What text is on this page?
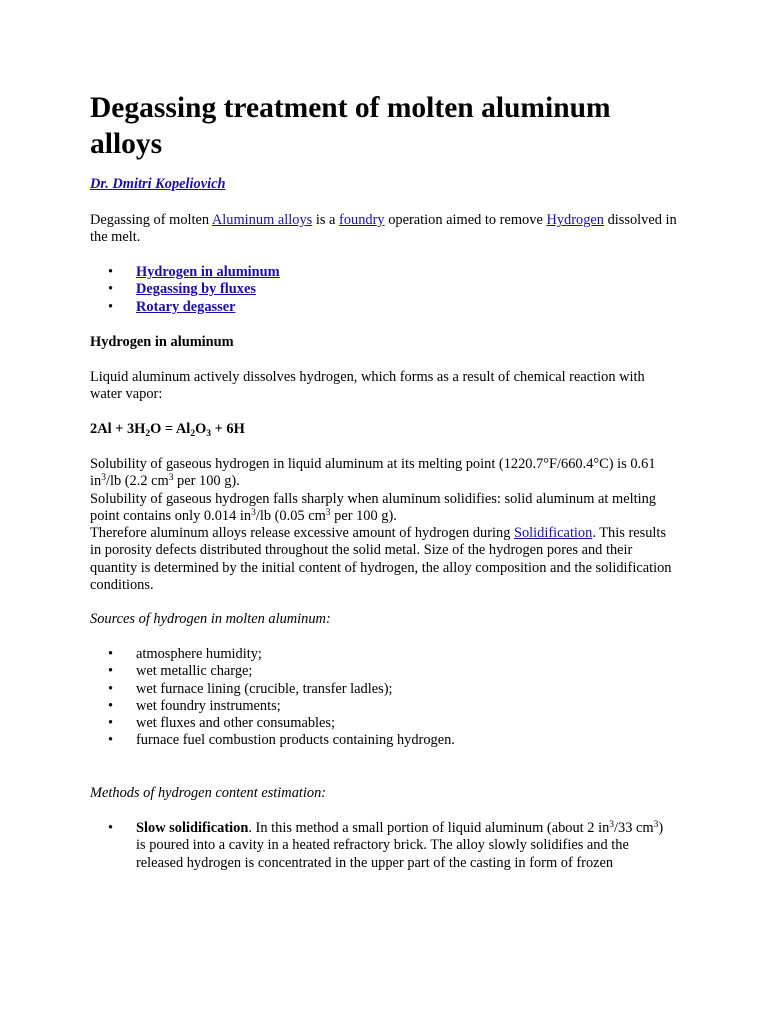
Degassing treatment of molten aluminum alloys

Dr. Dmitri Kopeliovich

Degassing of molten Aluminum alloys is a foundry operation aimed to remove Hydrogen dissolved in the melt.

• Hydrogen in aluminum
• Degassing by fluxes
• Rotary degasser

Hydrogen in aluminum

Liquid aluminum actively dissolves hydrogen, which forms as a result of chemical reaction with water vapor:

$2Al + 3H_2O = Al_2O_3 + 6H$

Solubility of gaseous hydrogen in liquid aluminum at its melting point (1220.7°F/660.4°C) is 0.61 $in^3/lb$ (2.2 $cm^3$ per 100 g).
Solubility of gaseous hydrogen falls sharply when aluminum solidifies: solid aluminum at melting point contains only 0.014 $in^3/lb$ (0.05 $cm^3$ per 100 g).
Therefore aluminum alloys release excessive amount of hydrogen during Solidification. This results in porosity defects distributed throughout the solid metal. Size of the hydrogen pores and their quantity is determined by the initial content of hydrogen, the alloy composition and the solidification conditions.

Sources of hydrogen in molten aluminum:

• atmosphere humidity;
• wet metallic charge;
• wet furnace lining (crucible, transfer ladles);
• wet foundry instruments;
• wet fluxes and other consumables;
• furnace fuel combustion products containing hydrogen.

Methods of hydrogen content estimation:

• Slow solidification. In this method a small portion of liquid aluminum (about 2 $in^3/33$ $cm^3$) is poured into a cavity in a heated refractory brick. The alloy slowly solidifies and the released hydrogen is concentrated in the upper part of the casting in form of frozen
